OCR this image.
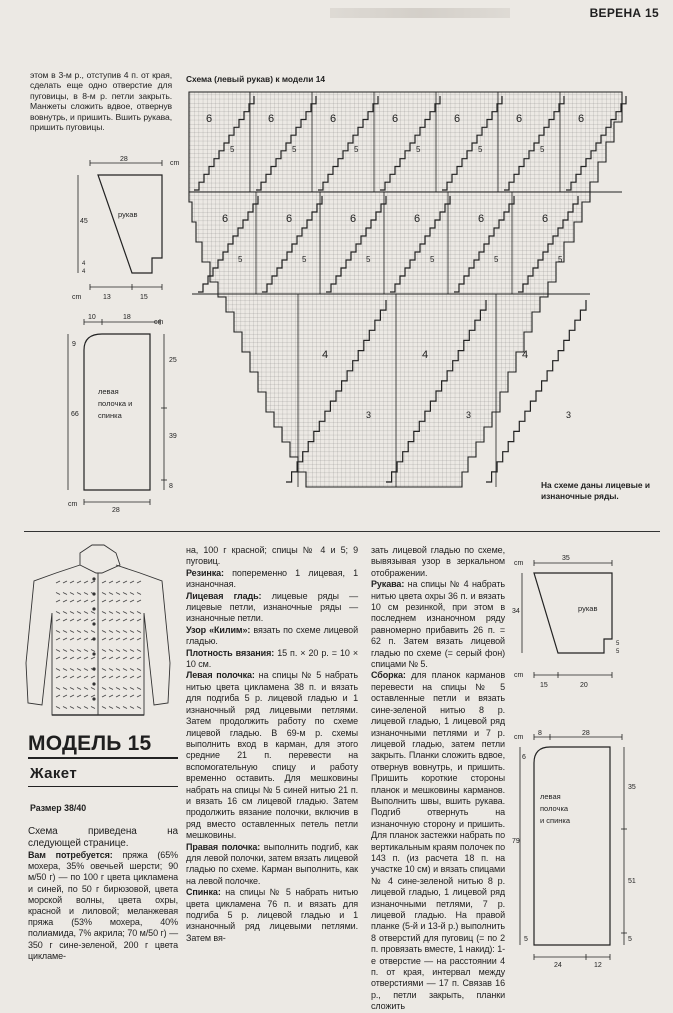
ВЕРЕНА 15
этом в 3-м р., отступив 4 п. от края, сделать еще одно отверстие для пуговицы, в 8-м р. петли закрыть. Манжеты сложить вдвое, отвернув вовнутрь, и пришить. Вшить рукава, пришить пуговицы.
cm
28
45
4
4
рукав
cm	13	15
cm
10	18
9
66
25
39
8
левая
полочка и
спинка
cm
28
Схема (левый рукав) к модели 14
6	6	6	6	6	6	6
5	5	5	5	5	5
6	6	6	6	6	6
5	5	5	5	5	5
4	4	4
3	3	3
На схеме даны лицевые и изнаночные ряды.
МОДЕЛЬ 15
Жакет
Размер 38/40

Схема приведена на следующей странице.

Вам потребуется: пряжа (65% мохера, 35% овечьей шерсти; 90 м/50 г) — по 100 г цвета цикламена и синей, по 50 г бирюзовой, цвета морской волны, цвета охры, красной и лиловой; меланжевая пряжа (53% мохера, 40% полиамида, 7% акрила; 70 м/50 г) — 350 г сине-зеленой, 200 г цвета цикламе-

на, 100 г красной; спицы № 4 и 5; 9 пуговиц.

Резинка: попеременно 1 лицевая, 1 изнаночная.

Лицевая гладь: лицевые ряды — лицевые петли, изнаночные ряды — изнаночные петли.

Узор «Килим»: вязать по схеме лицевой гладью.

Плотность вязания: 15 п. × 20 р. = 10 × 10 см.

Левая полочка: на спицы № 5 набрать нитью цвета цикламена 38 п. и вязать для подгиба 5 р. лицевой гладью и 1 изнаночный ряд лицевыми петлями. Затем продолжить работу по схеме лицевой гладью. В 69-м р. схемы выполнить вход в карман, для этого средние 21 п. перевести на вспомогательную спицу и работу временно оставить. Для мешковины набрать на спицы № 5 синей нитью 21 п. и вязать 16 см лицевой гладью. Затем продолжить вязание полочки, включив в ряд вместо оставленных петель петли мешковины.

Правая полочка: выполнить подгиб, как для левой полочки, затем вязать лицевой гладью по схеме. Карман выполнить, как на левой полочке.

Спинка: на спицы № 5 набрать нитью цвета цикламена 76 п. и вязать для подгиба 5 р. лицевой гладью и 1 изнаночный ряд лицевыми петлями. Затем вя-

зать лицевой гладью по схеме, вывязывая узор в зеркальном отображении.

Рукава: на спицы № 4 набрать нитью цвета охры 36 п. и вязать 10 см резинкой, при этом в последнем изнаночном ряду равномерно прибавить 26 п. = 62 п. Затем вязать лицевой гладью по схеме (= серый фон) спицами № 5.

Сборка: для планок карманов перевести на спицы № 5 оставленные петли и вязать сине-зеленой нитью 8 р. лицевой гладью, 1 лицевой ряд изнаночными петлями и 7 р. лицевой гладью, затем петли закрыть. Планки сложить вдвое, отвернув вовнутрь, и пришить. Пришить короткие стороны планок и мешковины карманов. Выполнить швы, вшить рукава. Подгиб отвернуть на изнаночную сторону и пришить. Для планок застежки набрать по вертикальным краям полочек по 143 п. (из расчета 18 п. на участке 10 см) и вязать спицами № 4 сине-зеленой нитью 8 р. лицевой гладью, 1 лицевой ряд изнаночными петлями, 7 р. лицевой гладью. На правой планке (5-й и 13-й р.) выполнить 8 отверстий для пуговиц (= по 2 п. провязать вместе, 1 накид): 1-е отверстие — на расстоянии 4 п. от края, интервал между отверстиями — 17 п. Связав 16 р., петли закрыть, планки сложить

cm
35
34
5
5
рукав
cm
15	20
cm
8	28
6
79
5
35
51
5
левая
полочка
и спинка
24	12
